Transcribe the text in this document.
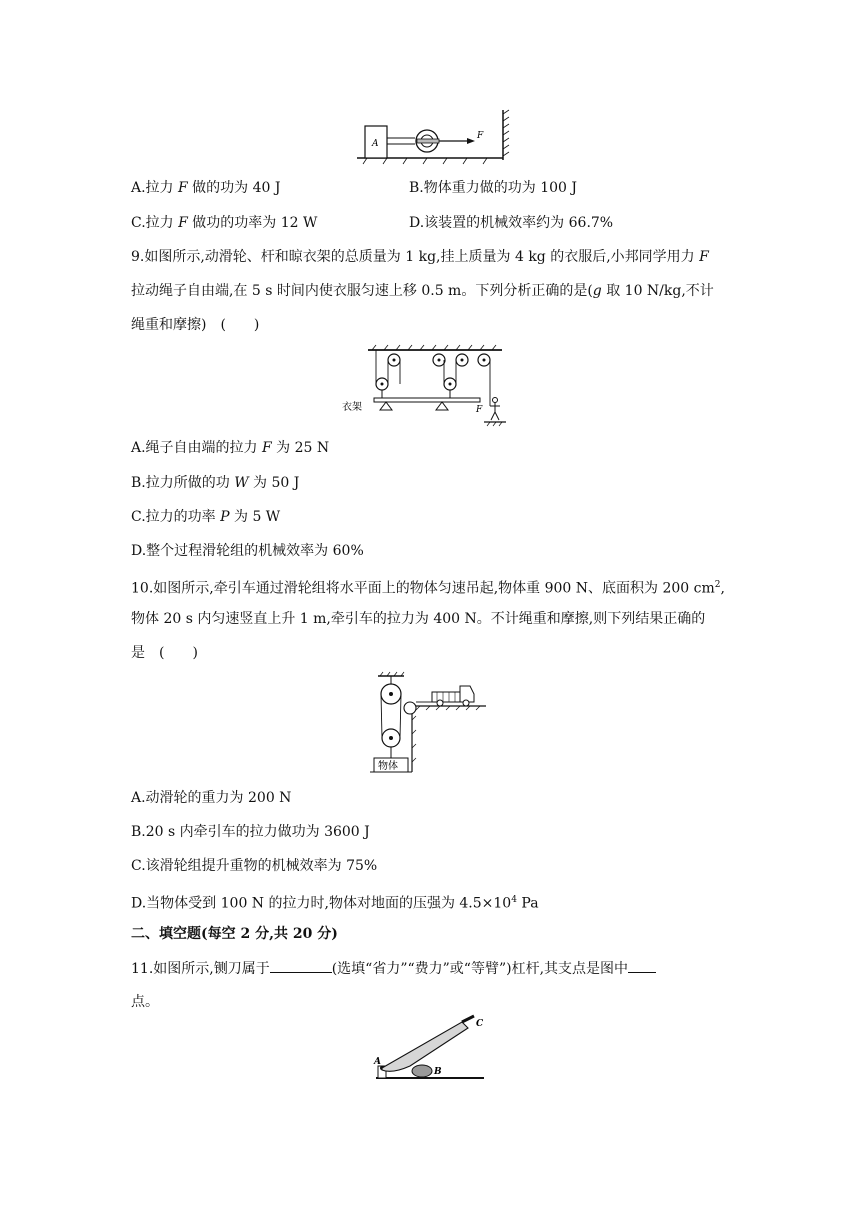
A
F
A.拉力 F 做的功为 40 J	B.物体重力做的功为 100 J
C.拉力 F 做功的功率为 12 W	D.该装置的机械效率约为 66.7%
9.如图所示,动滑轮、杆和晾衣架的总质量为 1 kg,挂上质量为 4 kg 的衣服后,小邦同学用力 F
拉动绳子自由端,在 5 s 时间内使衣服匀速上移 0.5 m。下列分析正确的是(g 取 10 N/kg,不计
绳重和摩擦)　(　　)
衣架	F
A.绳子自由端的拉力 F 为 25 N
B.拉力所做的功 W 为 50 J
C.拉力的功率 P 为 5 W
D.整个过程滑轮组的机械效率为 60%
10.如图所示,牵引车通过滑轮组将水平面上的物体匀速吊起,物体重 900 N、底面积为 200 $cm^2$,
物体 20 s 内匀速竖直上升 1 m,牵引车的拉力为 400 N。不计绳重和摩擦,则下列结果正确的
是　(　　)
物体
A.动滑轮的重力为 200 N
B.20 s 内牵引车的拉力做功为 3600 J
C.该滑轮组提升重物的机械效率为 75%
D.当物体受到 100 N 的拉力时,物体对地面的压强为 $4.5\times 10^4$ Pa
二、填空题(每空 2 分,共 20 分)
11.如图所示,铡刀属于	(选填“省力”“费力”或“等臂”)杠杆,其支点是图中
点。
A
B
C
